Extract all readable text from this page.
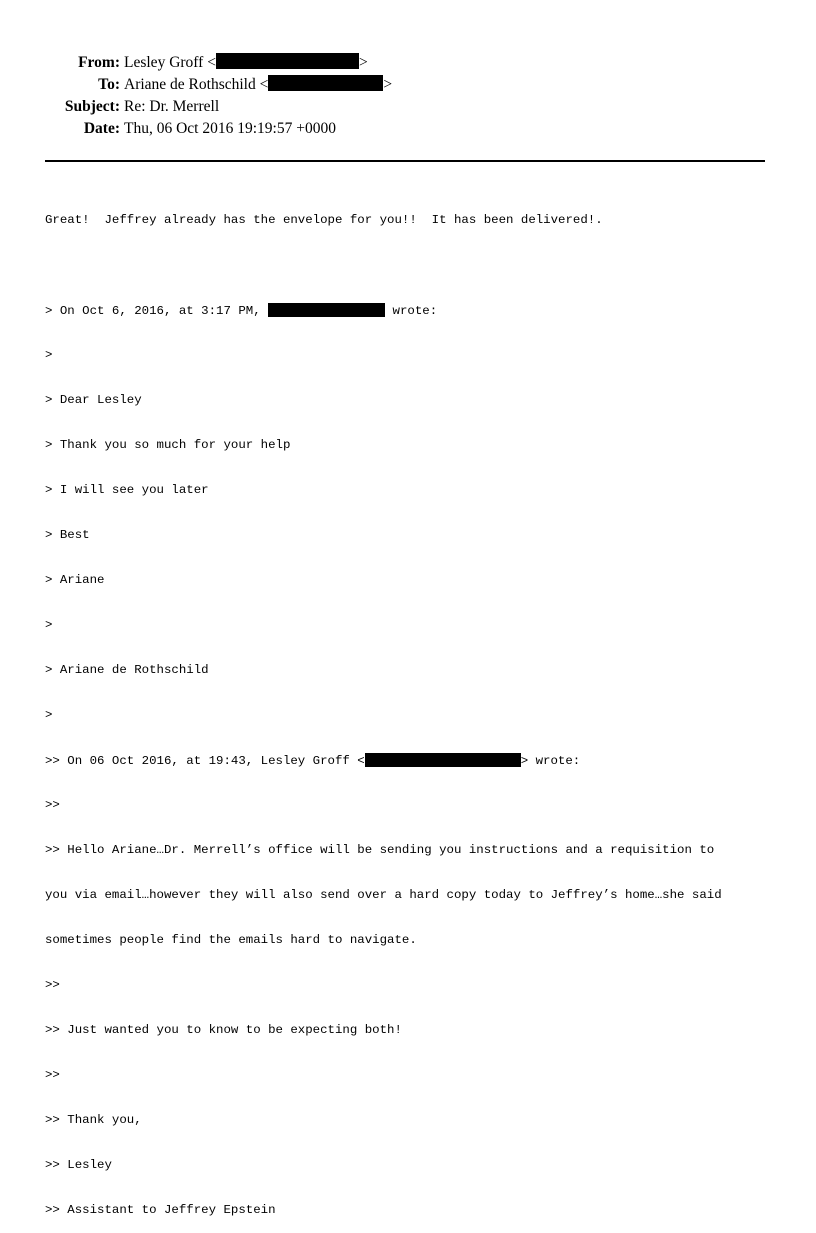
From: Lesley Groff <	>
To: Ariane de Rothschild <	>
Subject: Re: Dr. Merrell
Date: Thu, 06 Oct 2016 19:19:57 +0000

Great!  Jeffrey already has the envelope for you!!  It has been delivered!.

> On Oct 6, 2016, at 3:17 PM,	wrote:

>

> Dear Lesley

> Thank you so much for your help

> I will see you later

> Best

> Ariane

>

> Ariane de Rothschild

>

>> On 06 Oct 2016, at 19:43, Lesley Groff <	> wrote:

>>

>> Hello Ariane…Dr. Merrell’s office will be sending you instructions and a requisition to

you via email…however they will also send over a hard copy today to Jeffrey’s home…she said

sometimes people find the emails hard to navigate.

>>

>> Just wanted you to know to be expecting both!

>>

>> Thank you,

>> Lesley

>> Assistant to Jeffrey Epstein
